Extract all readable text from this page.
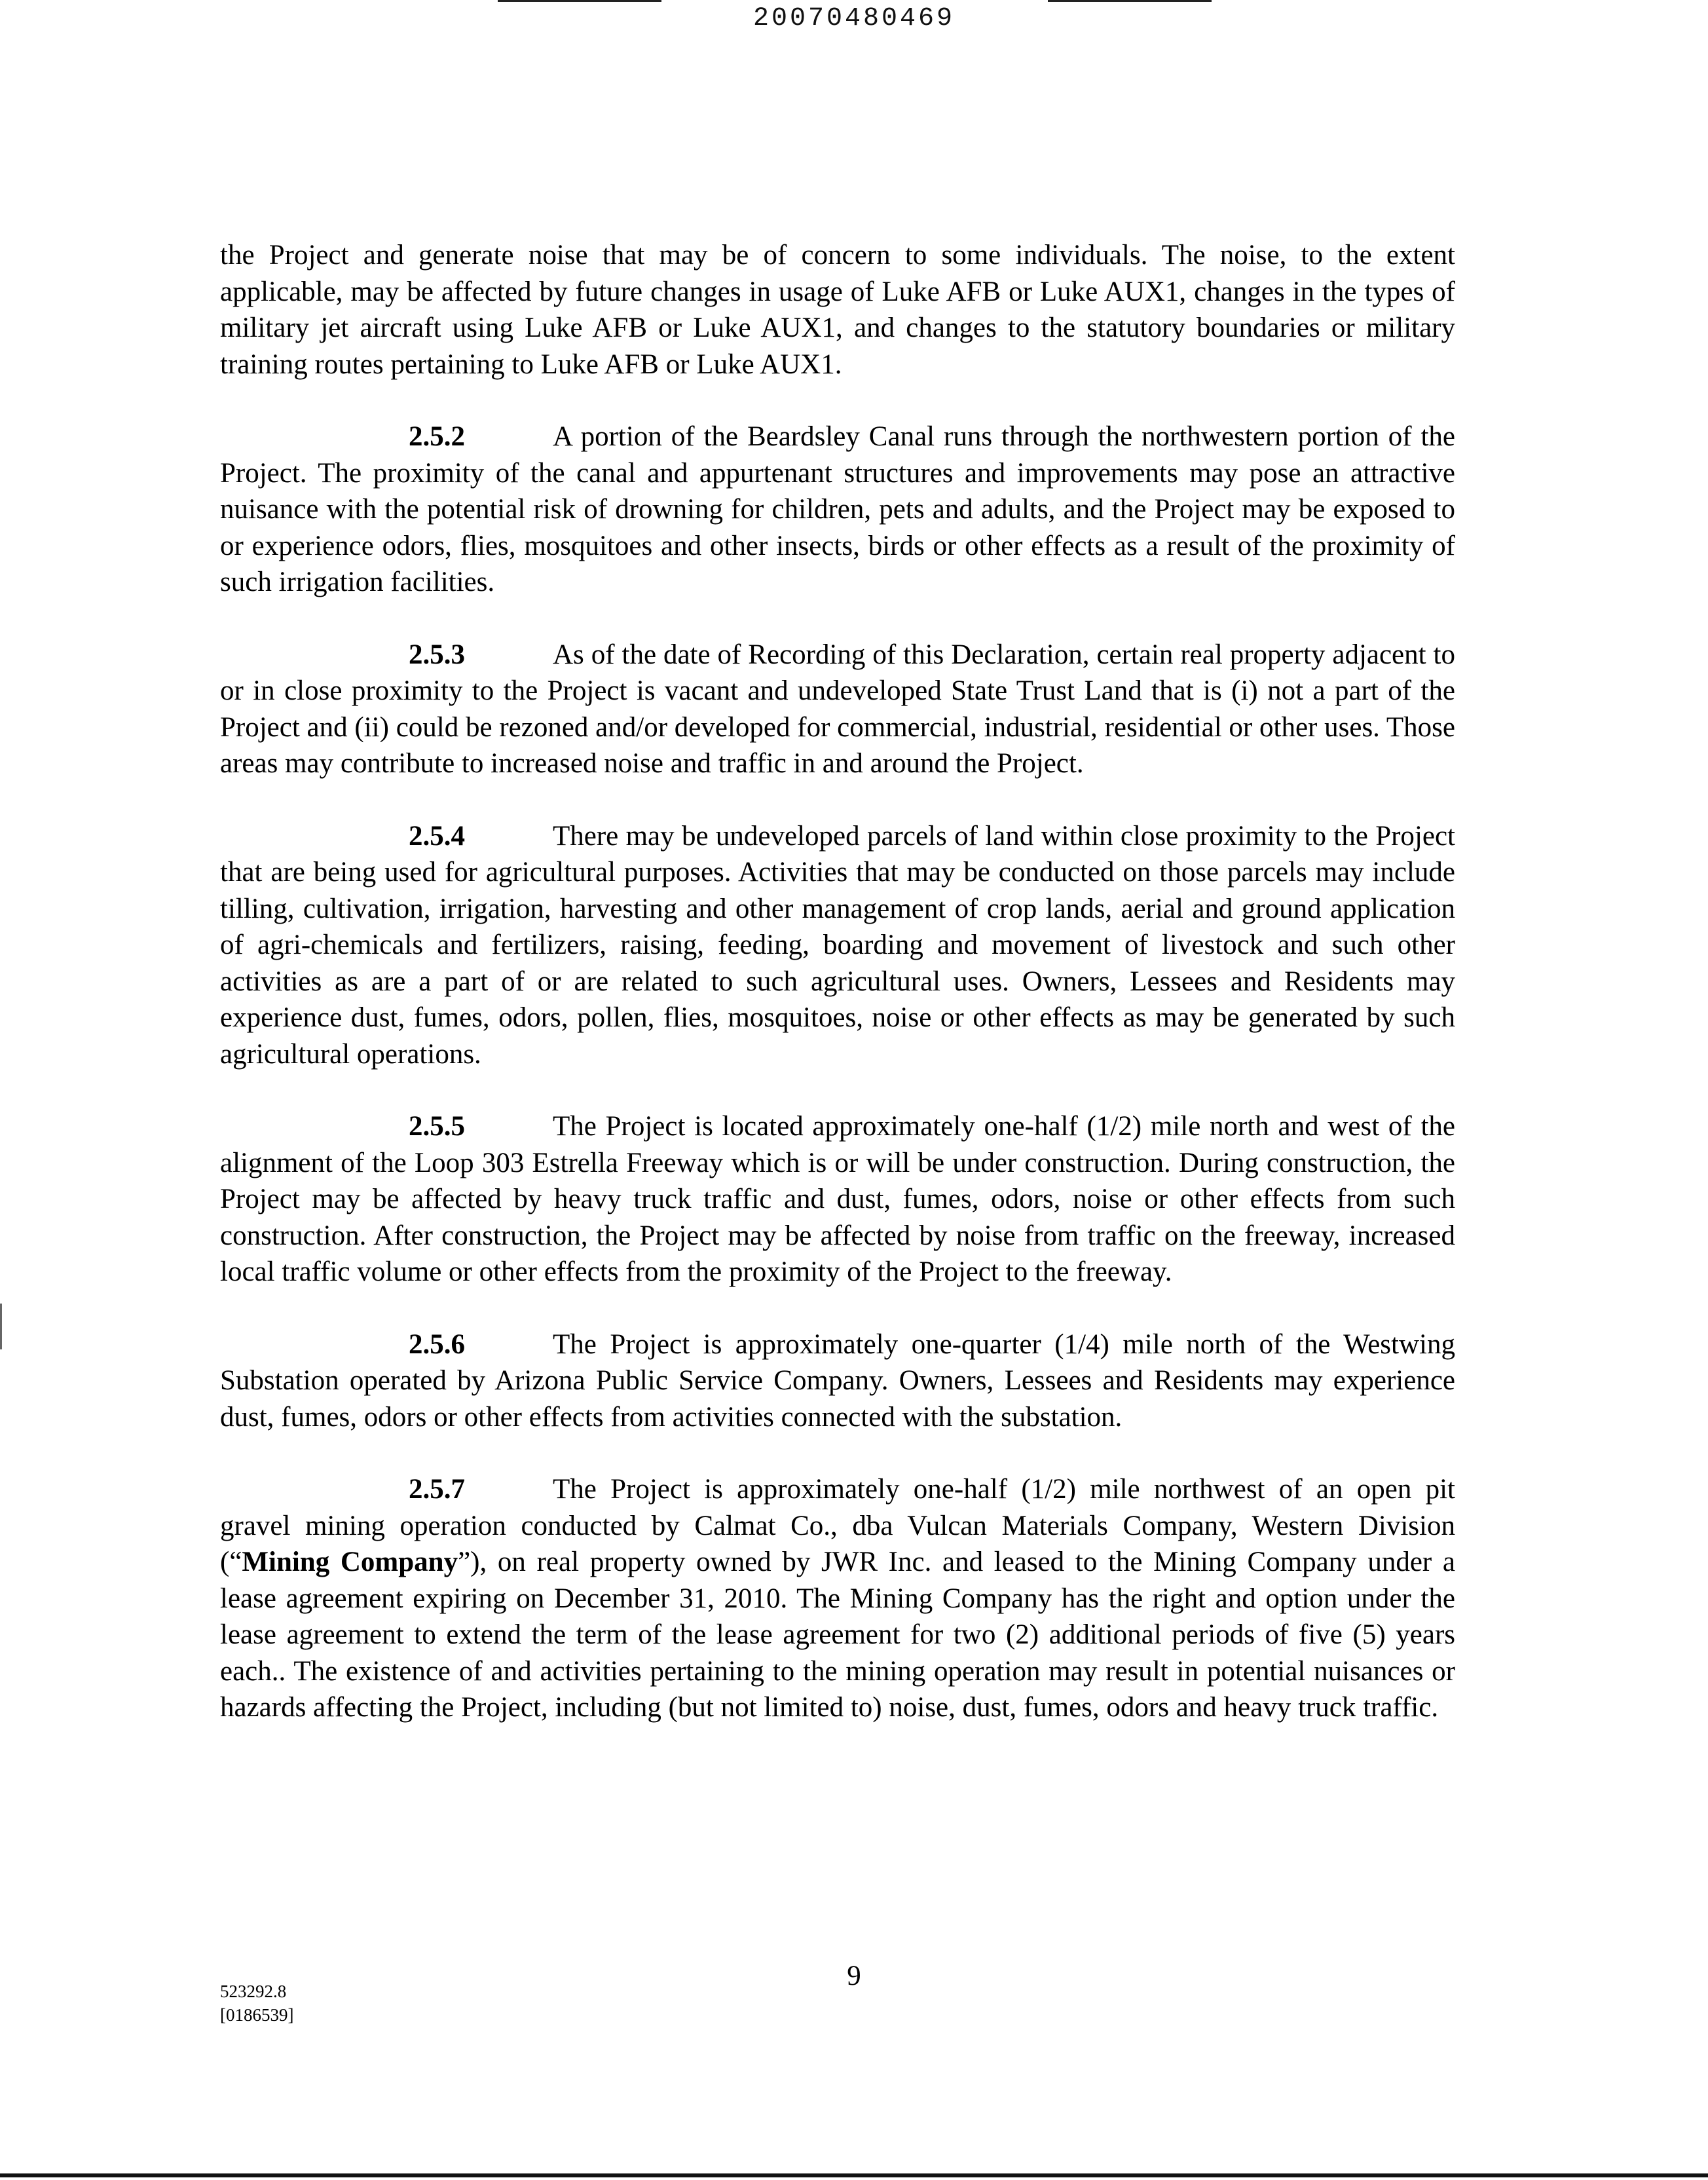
20070480469

the Project and generate noise that may be of concern to some individuals. The noise, to the extent applicable, may be affected by future changes in usage of Luke AFB or Luke AUX1, changes in the types of military jet aircraft using Luke AFB or Luke AUX1, and changes to the statutory boundaries or military training routes pertaining to Luke AFB or Luke AUX1.

2.5.2	A portion of the Beardsley Canal runs through the northwestern portion of the Project. The proximity of the canal and appurtenant structures and improvements may pose an attractive nuisance with the potential risk of drowning for children, pets and adults, and the Project may be exposed to or experience odors, flies, mosquitoes and other insects, birds or other effects as a result of the proximity of such irrigation facilities.

2.5.3	As of the date of Recording of this Declaration, certain real property adjacent to or in close proximity to the Project is vacant and undeveloped State Trust Land that is (i) not a part of the Project and (ii) could be rezoned and/or developed for commercial, industrial, residential or other uses. Those areas may contribute to increased noise and traffic in and around the Project.

2.5.4	There may be undeveloped parcels of land within close proximity to the Project that are being used for agricultural purposes. Activities that may be conducted on those parcels may include tilling, cultivation, irrigation, harvesting and other management of crop lands, aerial and ground application of agri-chemicals and fertilizers, raising, feeding, boarding and movement of livestock and such other activities as are a part of or are related to such agricultural uses. Owners, Lessees and Residents may experience dust, fumes, odors, pollen, flies, mosquitoes, noise or other effects as may be generated by such agricultural operations.

2.5.5	The Project is located approximately one-half (1/2) mile north and west of the alignment of the Loop 303 Estrella Freeway which is or will be under construction. During construction, the Project may be affected by heavy truck traffic and dust, fumes, odors, noise or other effects from such construction. After construction, the Project may be affected by noise from traffic on the freeway, increased local traffic volume or other effects from the proximity of the Project to the freeway.

2.5.6	The Project is approximately one-quarter (1/4) mile north of the Westwing Substation operated by Arizona Public Service Company. Owners, Lessees and Residents may experience dust, fumes, odors or other effects from activities connected with the substation.

2.5.7	The Project is approximately one-half (1/2) mile northwest of an open pit gravel mining operation conducted by Calmat Co., dba Vulcan Materials Company, Western Division (“Mining Company”), on real property owned by JWR Inc. and leased to the Mining Company under a lease agreement expiring on December 31, 2010. The Mining Company has the right and option under the lease agreement to extend the term of the lease agreement for two (2) additional periods of five (5) years each.. The existence of and activities pertaining to the mining operation may result in potential nuisances or hazards affecting the Project, including (but not limited to) noise, dust, fumes, odors and heavy truck traffic.

9
523292.8
[0186539]
